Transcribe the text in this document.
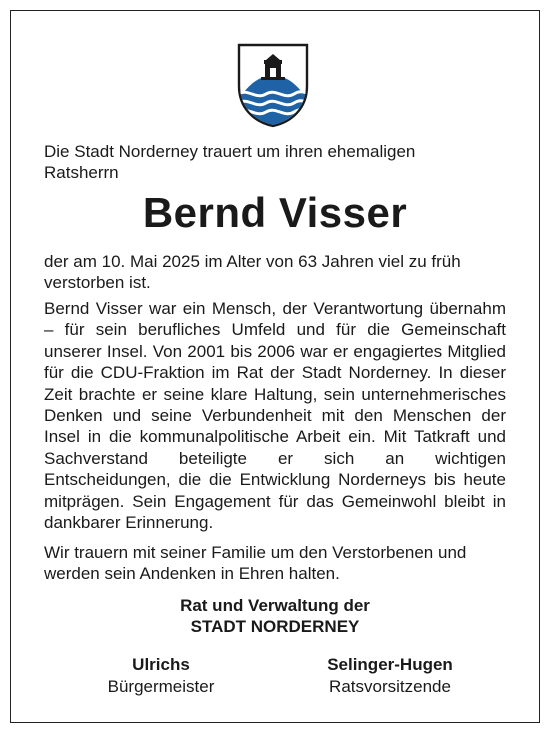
Die Stadt Norderney trauert um ihren ehemaligen
Ratsherrn
Bernd Visser

der am 10. Mai 2025 im Alter von 63 Jahren viel zu früh verstorben ist.

Bernd Visser war ein Mensch, der Verantwortung übernahm – für sein berufliches Umfeld und für die Gemeinschaft unserer Insel. Von 2001 bis 2006 war er engagiertes Mitglied für die CDU-Fraktion im Rat der Stadt Norderney. In dieser Zeit brachte er seine klare Haltung, sein unternehmerisches Denken und seine Verbundenheit mit den Menschen der Insel in die kommunalpolitische Arbeit ein. Mit Tatkraft und Sachverstand beteiligte er sich an wichtigen Entscheidungen, die die Entwicklung Norderneys bis heute mitprägen. Sein Engagement für das Gemeinwohl bleibt in dankbarer Erinnerung.

Wir trauern mit seiner Familie um den Verstorbenen und werden sein Andenken in Ehren halten.

Rat und Verwaltung der
STADT NORDERNEY
Ulrichs
Bürgermeister
Selinger-Hugen
Ratsvorsitzende
